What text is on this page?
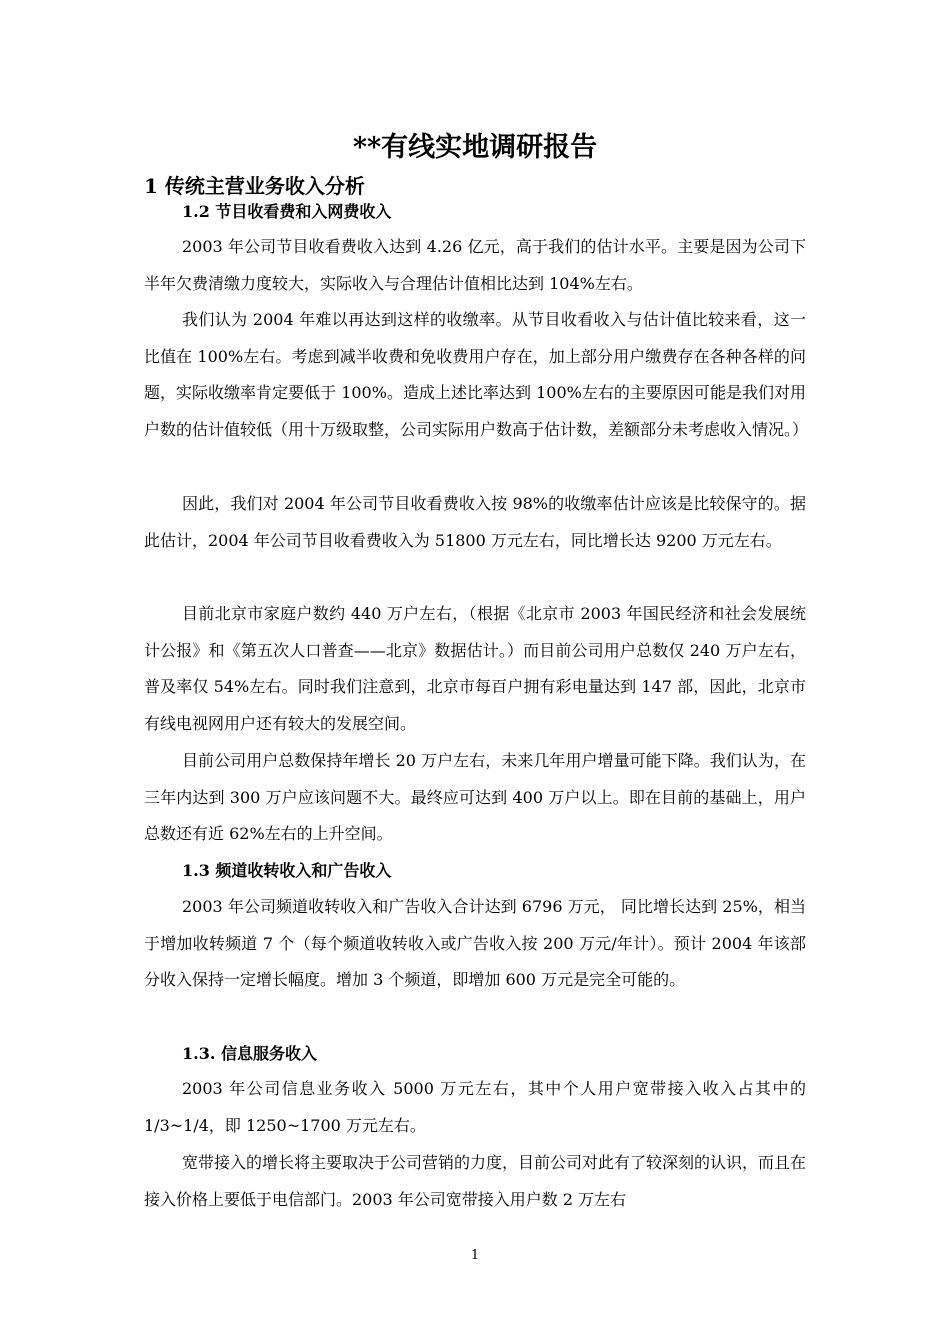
**有线实地调研报告
1 传统主营业务收入分析
1.2 节目收看费和入网费收入

2003 年公司节目收看费收入达到 4.26 亿元，高于我们的估计水平。主要是因为公司下半年欠费清缴力度较大，实际收入与合理估计值相比达到 104%左右。

我们认为 2004 年难以再达到这样的收缴率。从节目收看收入与估计值比较来看，这一比值在 100%左右。考虑到减半收费和免收费用户存在，加上部分用户缴费存在各种各样的问题，实际收缴率肯定要低于 100%。造成上述比率达到 100%左右的主要原因可能是我们对用户数的估计值较低（用十万级取整，公司实际用户数高于估计数，差额部分未考虑收入情况。）

因此，我们对 2004 年公司节目收看费收入按 98%的收缴率估计应该是比较保守的。据此估计，2004 年公司节目收看费收入为 51800 万元左右，同比增长达 9200 万元左右。

目前北京市家庭户数约 440 万户左右，（根据《北京市 2003 年国民经济和社会发展统计公报》和《第五次人口普查——北京》数据估计。）而目前公司用户总数仅 240 万户左右，普及率仅 54%左右。同时我们注意到，北京市每百户拥有彩电量达到 147 部，因此，北京市有线电视网用户还有较大的发展空间。

目前公司用户总数保持年增长 20 万户左右，未来几年用户增量可能下降。我们认为，在三年内达到 300 万户应该问题不大。最终应可达到 400 万户以上。即在目前的基础上，用户总数还有近 62%左右的上升空间。

1.3 频道收转收入和广告收入

2003 年公司频道收转收入和广告收入合计达到 6796 万元， 同比增长达到 25%，相当于增加收转频道 7 个（每个频道收转收入或广告收入按 200 万元/年计）。预计 2004 年该部分收入保持一定增长幅度。增加 3 个频道，即增加 600 万元是完全可能的。

1.3. 信息服务收入

2003 年公司信息业务收入 5000 万元左右，其中个人用户宽带接入收入占其中的 1/3~1/4，即 1250~1700 万元左右。

宽带接入的增长将主要取决于公司营销的力度，目前公司对此有了较深刻的认识，而且在接入价格上要低于电信部门。2003 年公司宽带接入用户数 2 万左右

1
